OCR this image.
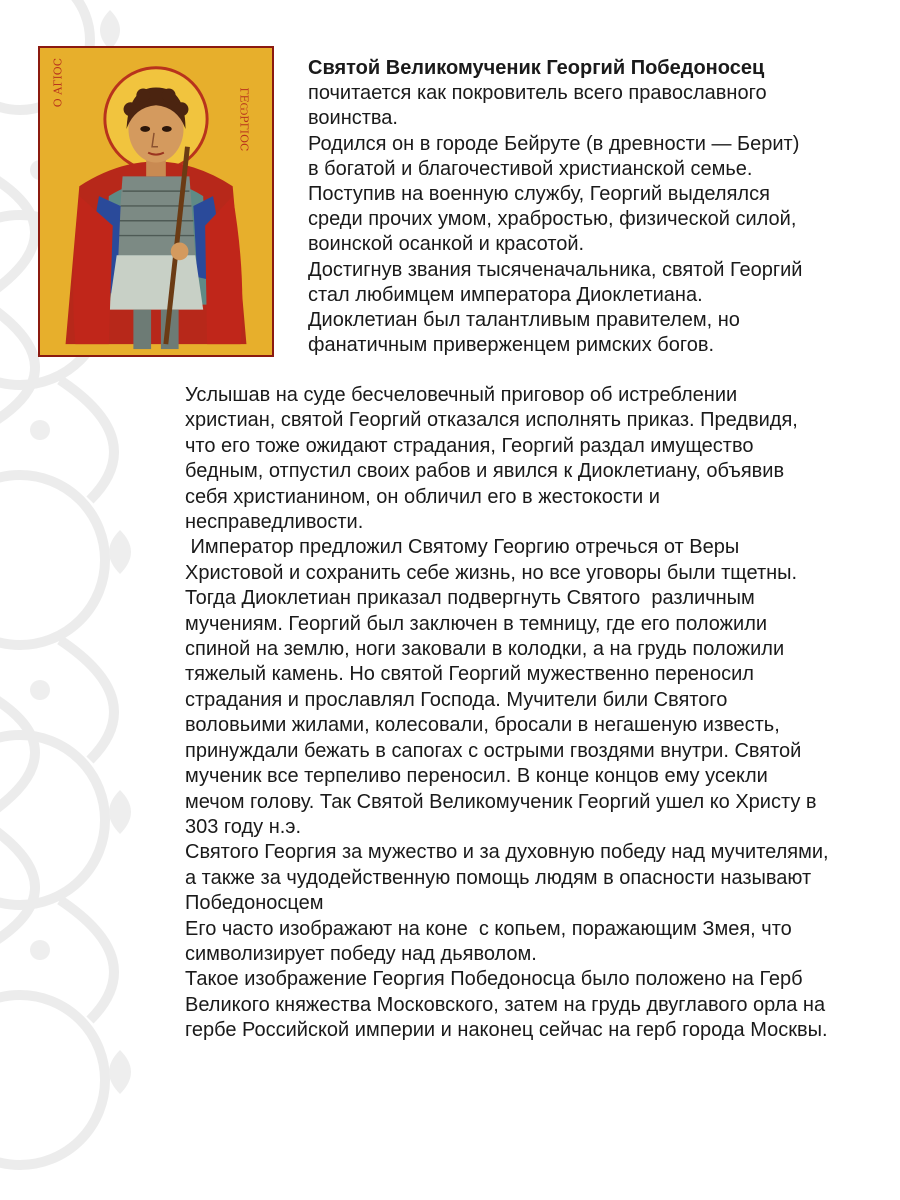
О АГІОС
ГЕѠРГІОС
Святой Великомученик Георгий Победоносец
почитается как покровитель всего православного
воинства.
Родился он в городе Бейруте (в древности — Берит)
в богатой и благочестивой христианской семье.
Поступив на военную службу, Георгий выделялся
среди прочих умом, храбростью, физической силой,
воинской осанкой и красотой.
Достигнув звания тысяченачальника, святой Георгий
стал любимцем императора Диоклетиана.
Диоклетиан был талантливым правителем, но
фанатичным приверженцем римских богов.
Услышав на суде бесчеловечный приговор об истреблении
христиан, святой Георгий отказался исполнять приказ. Предвидя,
что его тоже ожидают страдания, Георгий раздал имущество
бедным, отпустил своих рабов и явился к Диоклетиану, объявив
себя христианином, он обличил его в жестокости и
несправедливости.
Император предложил Святому Георгию отречься от Веры
Христовой и сохранить себе жизнь, но все уговоры были тщетны.
Тогда Диоклетиан приказал подвергнуть Святого  различным
мучениям. Георгий был заключен в темницу, где его положили
спиной на землю, ноги заковали в колодки, а на грудь положили
тяжелый камень. Но святой Георгий мужественно переносил
страдания и прославлял Господа. Мучители били Святого
воловьими жилами, колесовали, бросали в негашеную известь,
принуждали бежать в сапогах с острыми гвоздями внутри. Святой
мученик все терпеливо переносил. В конце концов ему усекли
мечом голову. Так Святой Великомученик Георгий ушел ко Христу в
303 году н.э.
Святого Георгия за мужество и за духовную победу над мучителями,
а также за чудодейственную помощь людям в опасности называют
Победоносцем
Его часто изображают на коне  с копьем, поражающим Змея, что
символизирует победу над дьяволом.
Такое изображение Георгия Победоносца было положено на Герб
Великого княжества Московского, затем на грудь двуглавого орла на
гербе Российской империи и наконец сейчас на герб города Москвы.
